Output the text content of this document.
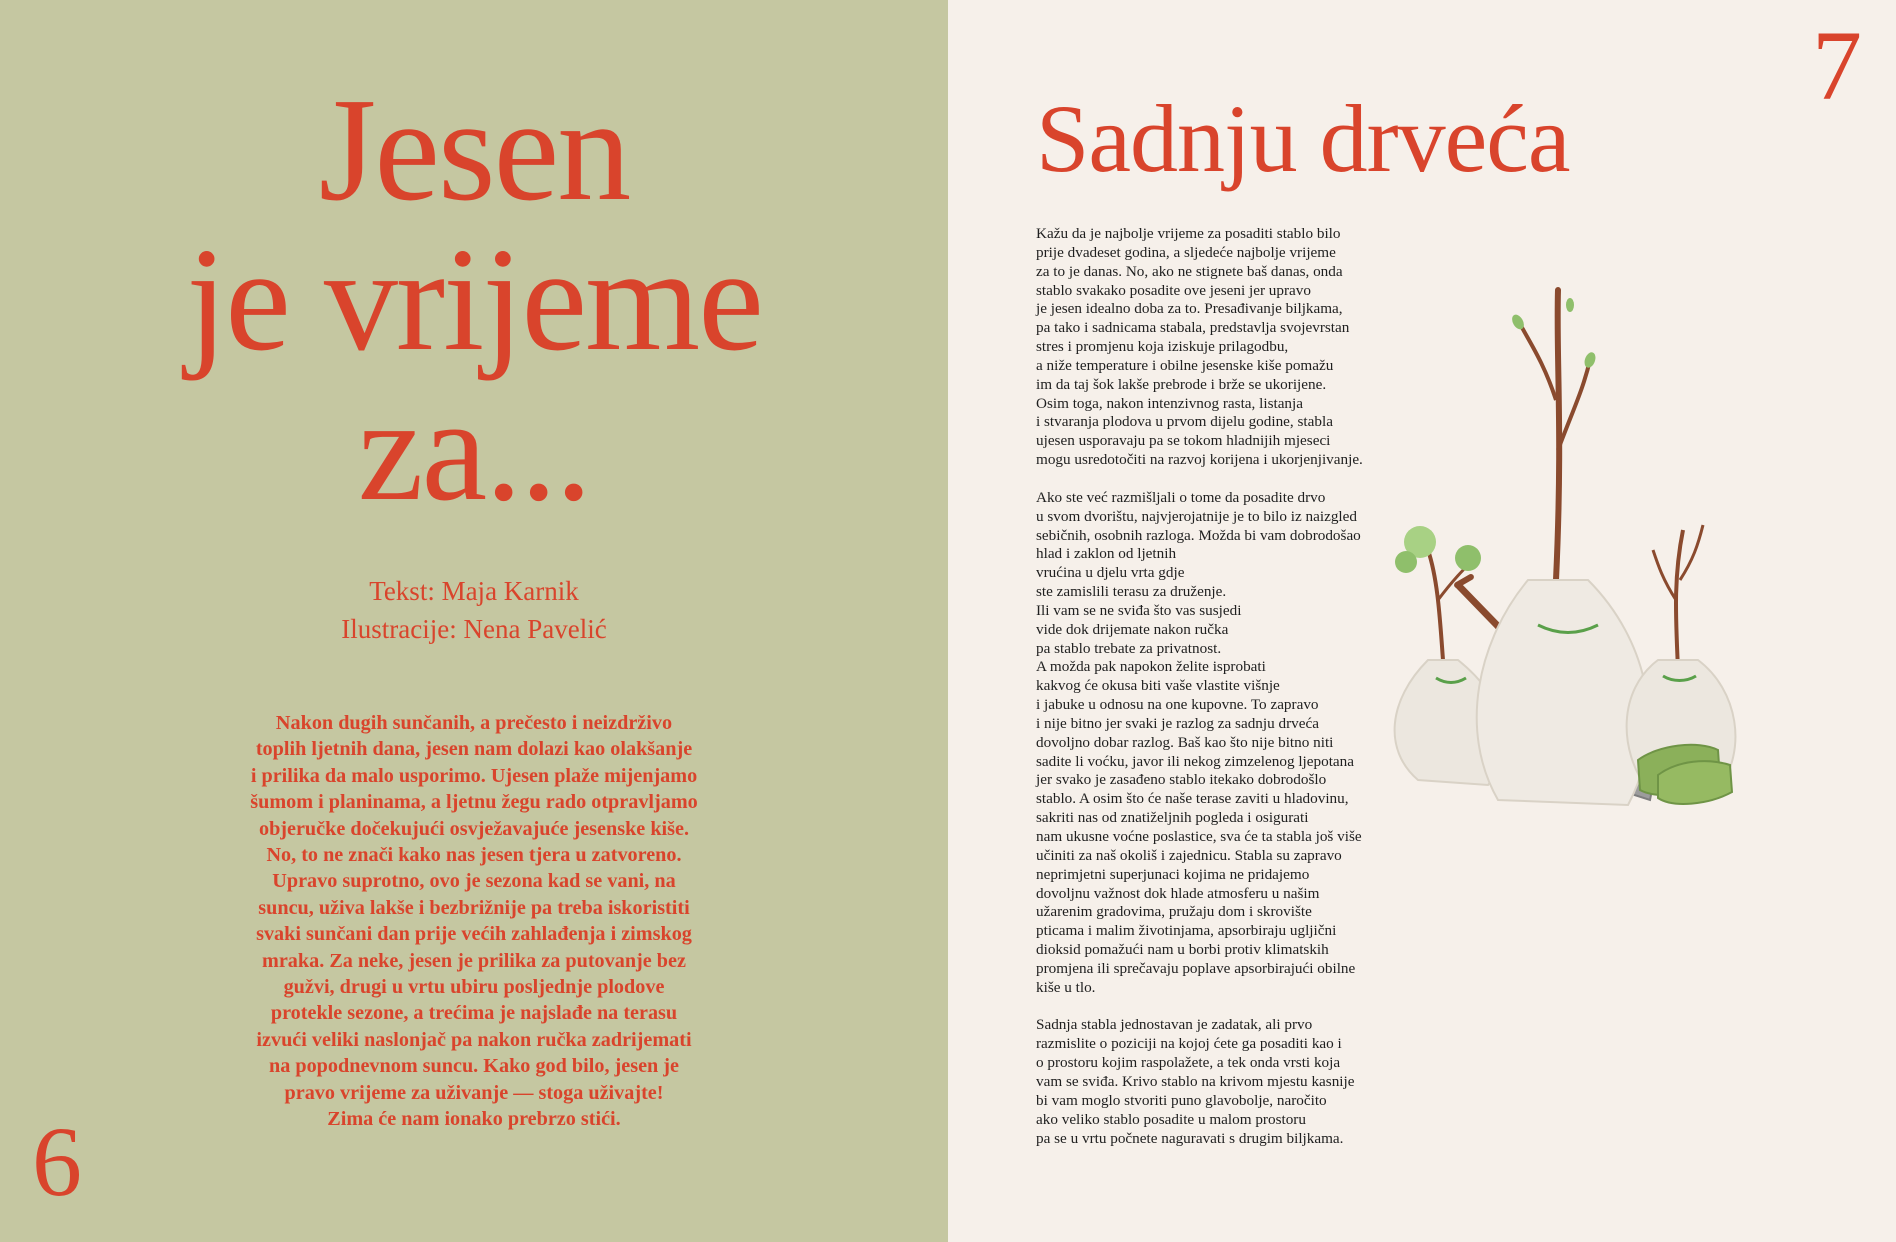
Jesen
je vrijeme
za...
Tekst: Maja Karnik
Ilustracije: Nena Pavelić

Nakon dugih sunčanih, a prečesto i neizdrživo
toplih ljetnih dana, jesen nam dolazi kao olakšanje
i prilika da malo usporimo. Ujesen plaže mijenjamo
šumom i planinama, a ljetnu žegu rado otpravljamo
objeručke dočekujući osvježavajuće jesenske kiše.
No, to ne znači kako nas jesen tjera u zatvoreno.
Upravo suprotno, ovo je sezona kad se vani, na
suncu, uživa lakše i bezbrižnije pa treba iskoristiti
svaki sunčani dan prije većih zahlađenja i zimskog
mraka. Za neke, jesen je prilika za putovanje bez
gužvi, drugi u vrtu ubiru posljednje plodove
protekle sezone, a trećima je najslađe na terasu
izvući veliki naslonjač pa nakon ručka zadrijemati
na popodnevnom suncu. Kako god bilo, jesen je
pravo vrijeme za uživanje — stoga uživajte!
Zima će nam ionako prebrzo stići.

6
7
Sadnju drveća

Kažu da je najbolje vrijeme za posaditi stablo bilo
prije dvadeset godina, a sljedeće najbolje vrijeme
za to je danas. No, ako ne stignete baš danas, onda
stablo svakako posadite ove jeseni jer upravo
je jesen idealno doba za to. Presađivanje biljkama,
pa tako i sadnicama stabala, predstavlja svojevrstan
stres i promjenu koja iziskuje prilagodbu,
a niže temperature i obilne jesenske kiše pomažu
im da taj šok lakše prebrode i brže se ukorijene.
Osim toga, nakon intenzivnog rasta, listanja
i stvaranja plodova u prvom dijelu godine, stabla
ujesen usporavaju pa se tokom hladnijih mjeseci
mogu usredotočiti na razvoj korijena i ukorjenjivanje.

Ako ste već razmišljali o tome da posadite drvo
u svom dvorištu, najvjerojatnije je to bilo iz naizgled
sebičnih, osobnih razloga. Možda bi vam dobrodošao
hlad i zaklon od ljetnih
vrućina u djelu vrta gdje
ste zamislili terasu za druženje.
Ili vam se ne sviđa što vas susjedi
vide dok drijemate nakon ručka
pa stablo trebate za privatnost.
A možda pak napokon želite isprobati
kakvog će okusa biti vaše vlastite višnje
i jabuke u odnosu na one kupovne. To zapravo
i nije bitno jer svaki je razlog za sadnju drveća
dovoljno dobar razlog. Baš kao što nije bitno niti
sadite li voćku, javor ili nekog zimzelenog ljepotana
jer svako je zasađeno stablo itekako dobrodošlo
stablo. A osim što će naše terase zaviti u hladovinu,
sakriti nas od znatiželjnih pogleda i osigurati
nam ukusne voćne poslastice, sva će ta stabla još više
učiniti za naš okoliš i zajednicu. Stabla su zapravo
neprimjetni superjunaci kojima ne pridajemo
dovoljnu važnost dok hlade atmosferu u našim
užarenim gradovima, pružaju dom i skrovište
pticama i malim životinjama, apsorbiraju ugljični
dioksid pomažući nam u borbi protiv klimatskih
promjena ili sprečavaju poplave apsorbirajući obilne
kiše u tlo.

Sadnja stabla jednostavan je zadatak, ali prvo
razmislite o poziciji na kojoj ćete ga posaditi kao i
o prostoru kojim raspolažete, a tek onda vrsti koja
vam se sviđa. Krivo stablo na krivom mjestu kasnije
bi vam moglo stvoriti puno glavobolje, naročito
ako veliko stablo posadite u malom prostoru
pa se u vrtu počnete naguravati s drugim biljkama.
